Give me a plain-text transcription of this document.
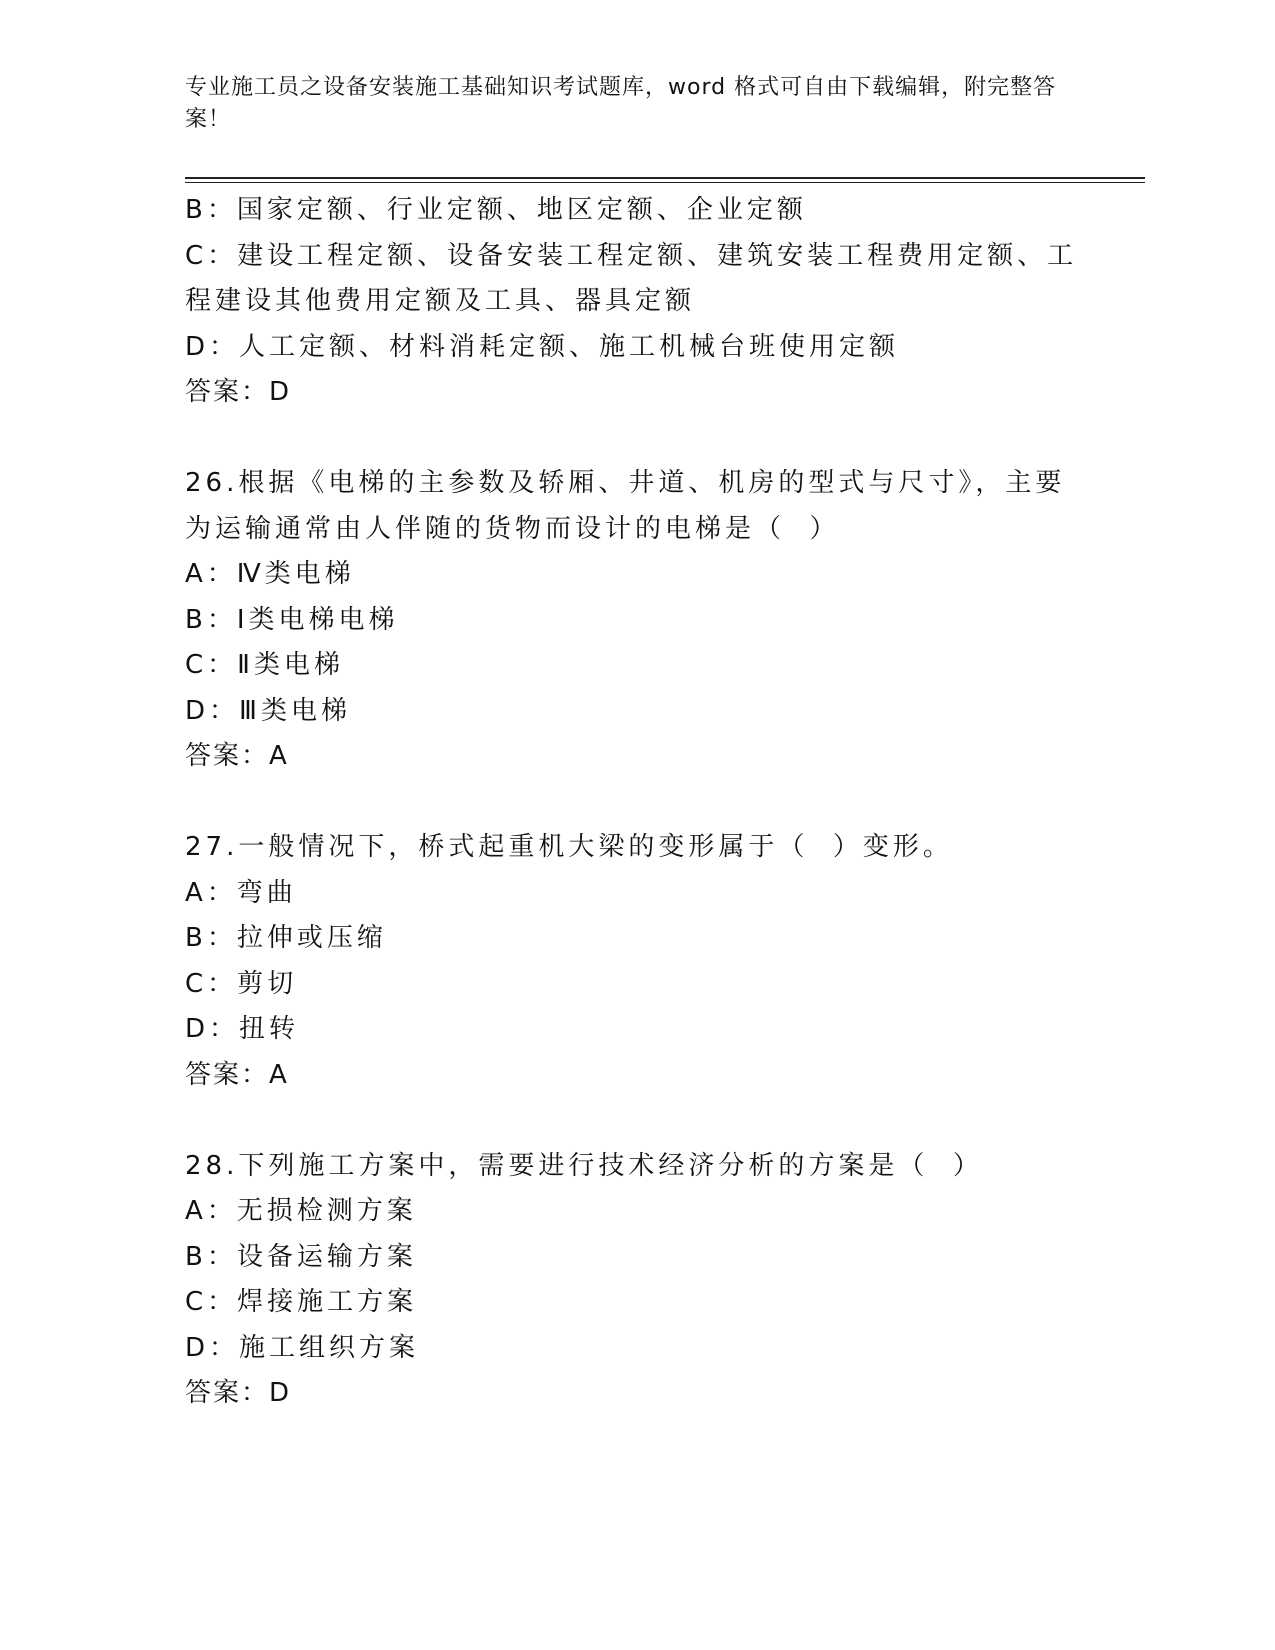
专业施工员之设备安装施工基础知识考试题库，word 格式可自由下载编辑，附完整答案！
B：国家定额、行业定额、地区定额、企业定额
C：建设工程定额、设备安装工程定额、建筑安装工程费用定额、工程建设其他费用定额及工具、器具定额
D：人工定额、材料消耗定额、施工机械台班使用定额
答案：D
26.根据《电梯的主参数及轿厢、井道、机房的型式与尺寸》，主要为运输通常由人伴随的货物而设计的电梯是（  ）
A：Ⅳ类电梯
B：Ⅰ类电梯电梯
C：Ⅱ类电梯
D：Ⅲ类电梯
答案：A
27.一般情况下，桥式起重机大梁的变形属于（  ）变形。
A：弯曲
B：拉伸或压缩
C：剪切
D：扭转
答案：A
28.下列施工方案中，需要进行技术经济分析的方案是（  ）
A：无损检测方案
B：设备运输方案
C：焊接施工方案
D：施工组织方案
答案：D
